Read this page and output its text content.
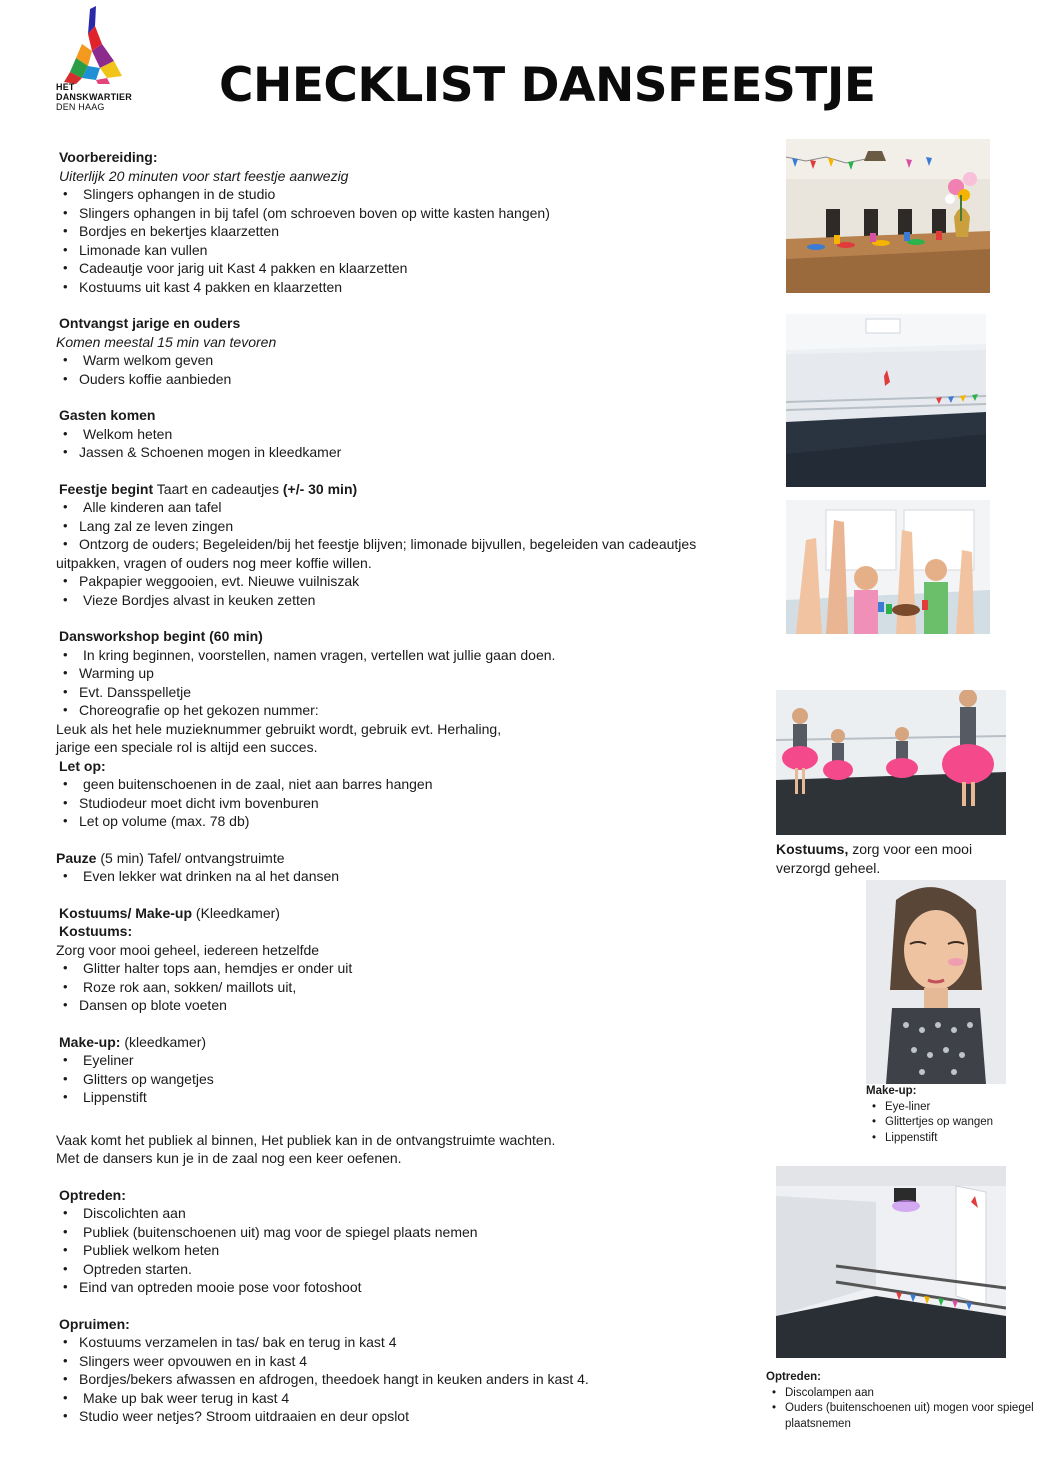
HET
DANSKWARTIER
DEN HAAG	CHECKLIST DANSFEESTJE
Voorbereiding:
Uiterlijk 20 minuten voor start feestje aanwezig
• Slingers ophangen in de studio
• Slingers ophangen in bij tafel (om schroeven boven op witte kasten hangen)
• Bordjes en bekertjes klaarzetten
• Limonade kan vullen
• Cadeautje voor jarig uit Kast 4 pakken en klaarzetten
• Kostuums uit kast 4 pakken en klaarzetten
Ontvangst jarige en ouders
Komen meestal 15 min van tevoren
• Warm welkom geven
• Ouders koffie aanbieden
Gasten komen
• Welkom heten
• Jassen & Schoenen mogen in kleedkamer
Feestje begint Taart en cadeautjes (+/- 30 min)
• Alle kinderen aan tafel
• Lang zal ze leven zingen
• Ontzorg de ouders; Begeleiden/bij het feestje blijven; limonade bijvullen, begeleiden van cadeautjes uitpakken, vragen of ouders nog meer koffie willen.
• Pakpapier weggooien, evt. Nieuwe vuilniszak
• Vieze Bordjes alvast in keuken zetten
Dansworkshop begint (60 min)
• In kring beginnen, voorstellen, namen vragen, vertellen wat jullie gaan doen.
• Warming up
• Evt. Dansspelletje
• Choreografie op het gekozen nummer:
Leuk als het hele muzieknummer gebruikt wordt, gebruik evt. Herhaling,
jarige een speciale rol is altijd een succes.
Let op:
• geen buitenschoenen in de zaal, niet aan barres hangen
• Studiodeur moet dicht ivm bovenburen
• Let op volume (max. 78 db)
Pauze (5 min) Tafel/ ontvangstruimte
• Even lekker wat drinken na al het dansen
Kostuums/ Make-up (Kleedkamer)
Kostuums:
Zorg voor mooi geheel, iedereen hetzelfde
• Glitter halter tops aan, hemdjes er onder uit
• Roze rok aan, sokken/ maillots uit,
• Dansen op blote voeten
Make-up: (kleedkamer)
• Eyeliner
• Glitters op wangetjes
• Lippenstift
Vaak komt het publiek al binnen, Het publiek kan in de ontvangstruimte wachten.
Met de dansers kun je in de zaal nog een keer oefenen.
Optreden:
• Discolichten aan
• Publiek (buitenschoenen uit) mag voor de spiegel plaats nemen
• Publiek welkom heten
• Optreden starten.
• Eind van optreden mooie pose voor fotoshoot
Opruimen:
• Kostuums verzamelen in tas/ bak en terug in kast 4
• Slingers weer opvouwen en in kast 4
• Bordjes/bekers afwassen en afdrogen, theedoek hangt in keuken anders in kast 4.
• Make up bak weer terug in kast 4
• Studio weer netjes? Stroom uitdraaien en deur opslot
Kostuums, zorg voor een mooi verzorgd geheel.
Make-up:
• Eye-liner
• Glittertjes op wangen
• Lippenstift
Optreden:
• Discolampen aan
• Ouders (buitenschoenen uit) mogen voor spiegel plaatsnemen
